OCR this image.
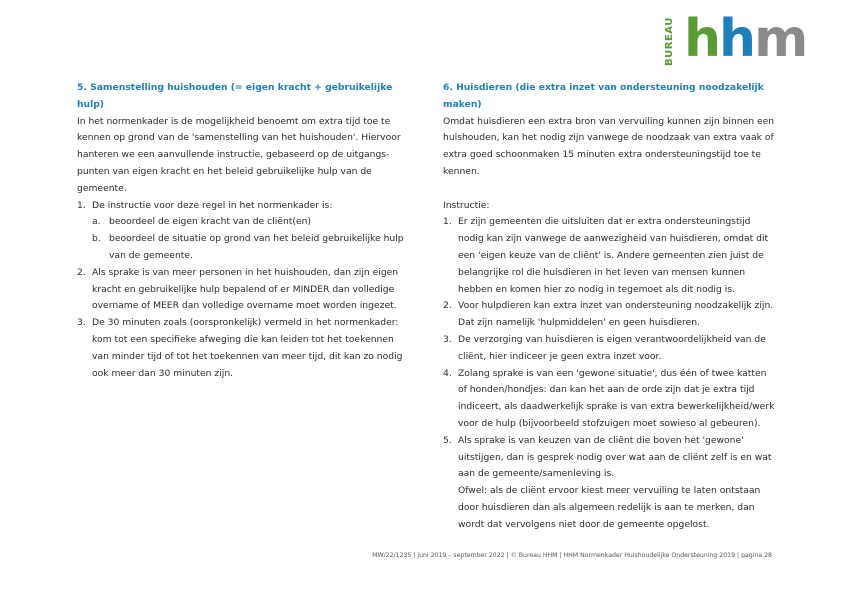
BUREAU hhm

5. Samenstelling huishouden (= eigen kracht + gebruikelijke hulp)

In het normenkader is de mogelijkheid benoemt om extra tijd toe te kennen op grond van de 'samenstelling van het huishouden'. Hiervoor hanteren we een aanvullende instructie, gebaseerd op de uitgangs-punten van eigen kracht en het beleid gebruikelijke hulp van de gemeente.

1. De instructie voor deze regel in het normenkader is:
a. beoordeel de eigen kracht van de cliënt(en)
b. beoordeel de situatie op grond van het beleid gebruikelijke hulp van de gemeente.
2. Als sprake is van meer personen in het huishouden, dan zijn eigen kracht en gebruikelijke hulp bepalend of er MINDER dan volledige overname of MEER dan volledige overname moet worden ingezet.
3. De 30 minuten zoals (oorspronkelijk) vermeld in het normenkader: kom tot een specifieke afweging die kan leiden tot het toekennen van minder tijd of tot het toekennen van meer tijd, dit kan zo nodig ook meer dan 30 minuten zijn.

6. Huisdieren (die extra inzet van ondersteuning noodzakelijk maken)

Omdat huisdieren een extra bron van vervuiling kunnen zijn binnen een huishouden, kan het nodig zijn vanwege de noodzaak van extra vaak of extra goed schoonmaken 15 minuten extra ondersteuningstijd toe te kennen.

Instructie:

1. Er zijn gemeenten die uitsluiten dat er extra ondersteuningstijd nodig kan zijn vanwege de aanwezigheid van huisdieren, omdat dit een 'eigen keuze van de cliënt' is. Andere gemeenten zien juist de belangrijke rol die huisdieren in het leven van mensen kunnen hebben en komen hier zo nodig in tegemoet als dit nodig is.
2. Voor hulpdieren kan extra inzet van ondersteuning noodzakelijk zijn. Dat zijn namelijk 'hulpmiddelen' en geen huisdieren.
3. De verzorging van huisdieren is eigen verantwoordelijkheid van de cliënt, hier indiceer je geen extra inzet voor.
4. Zolang sprake is van een 'gewone situatie', dus één of twee katten of honden/hondjes: dan kan het aan de orde zijn dat je extra tijd indiceert, als daadwerkelijk sprake is van extra bewerkelijkheid/werk voor de hulp (bijvoorbeeld stofzuigen moet sowieso al gebeuren).
5. Als sprake is van keuzen van de cliënt die boven het 'gewone' uitstijgen, dan is gesprek nodig over wat aan de cliënt zelf is en wat aan de gemeente/samenleving is.

Ofwel: als de cliënt ervoor kiest meer vervuiling te laten ontstaan door huisdieren dan als algemeen redelijk is aan te merken, dan wordt dat vervolgens niet door de gemeente opgelost.

MW/22/1235 | juni 2019 – september 2022 | © Bureau HHM | HHM Normenkader Huishoudelijke Ondersteuning 2019 | pagina 28
